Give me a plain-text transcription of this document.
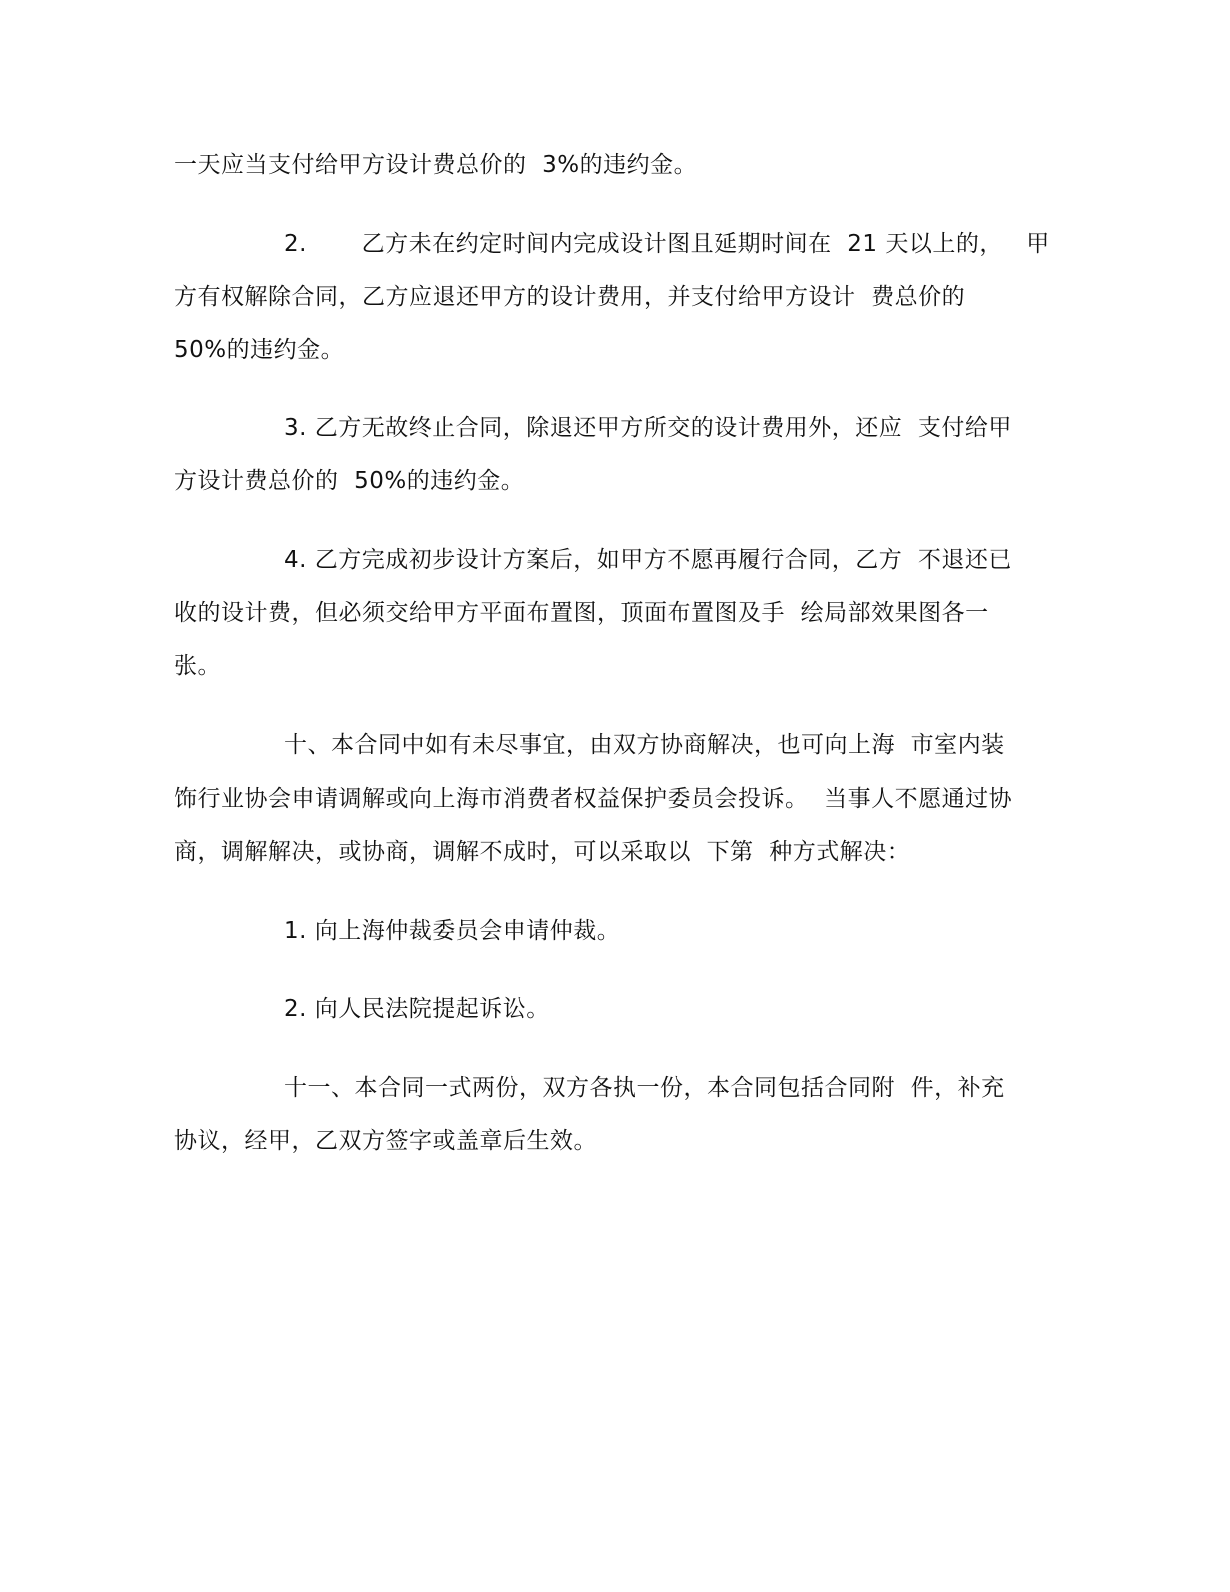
一天应当支付给甲方设计费总价的  3%的违约金。
2.       乙方未在约定时间内完成设计图且延期时间在  21 天以上的，   甲
方有权解除合同，乙方应退还甲方的设计费用，并支付给甲方设计  费总价的
50%的违约金。
3. 乙方无故终止合同，除退还甲方所交的设计费用外，还应  支付给甲
方设计费总价的  50%的违约金。
4. 乙方完成初步设计方案后，如甲方不愿再履行合同，乙方  不退还已
收的设计费，但必须交给甲方平面布置图，顶面布置图及手  绘局部效果图各一
张。
十、本合同中如有未尽事宜，由双方协商解决，也可向上海  市室内装
饰行业协会申请调解或向上海市消费者权益保护委员会投诉。  当事人不愿通过协
商，调解解决，或协商，调解不成时，可以采取以  下第  种方式解决：
1. 向上海仲裁委员会申请仲裁。
2. 向人民法院提起诉讼。
十一、本合同一式两份，双方各执一份，本合同包括合同附  件，补充
协议，经甲，乙双方签字或盖章后生效。
